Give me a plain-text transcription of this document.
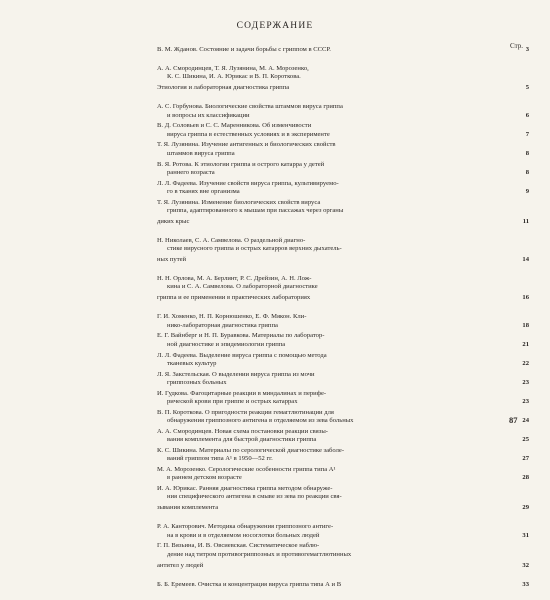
СОДЕРЖАНИЕ
Стр.
В. М. Жданов. Состояние и задачи борьбы с гриппом в СССР.	3
А. А. Смородинцев, Т. Я. Лузянина, М. А. Морозенко,
К. С. Шикина, И. А. Юрикас и В. П. Короткова.
Этиология и лабораторная диагностика гриппа	5
А. С. Горбунова. Биологические свойства штаммов вируса гриппа
и вопросы их классификации	6
В. Д. Соловьев и С. С. Маренникова. Об изменчивости
вируса гриппа в естественных условиях и в эксперименте	7
Т. Я. Лузянина. Изучение антигенных и биологических свойств
штаммов вируса гриппа	8
В. Я. Ротова. К этиологии гриппа и острого катарра у детей
раннего возраста	8
Л. Л. Фадеева. Изучение свойств вируса гриппа, культивируемо-
го в тканях вне организма	9
Т. Я. Лузянина. Изменение биологических свойств вируса
гриппа, адаптированного к мышам при пассажах через органы
диких крыс	11
Н. Николаев, С. А. Самвелова. О раздельной диагно-
стике вирусного гриппа и острых катарров верхних дыхатель-
ных путей	14
Н. Н. Орлова, М. А. Берлинт, Р. С. Дрейзин, А. Н. Лож-
кина и С. А. Самвелова. О лабораторной диагностике
гриппа и ее применении в практических лабораториях	16
Г. И. Хоменко, Н. П. Корнюшенко, Е. Ф. Мякон. Кли-
нико-лабораторная диагностика гриппа	18
Е. Г. Вайнберг и Н. П. Буравкова. Материалы по лаборатор-
ной диагностике и эпидемиологии гриппа	21
Л. Л. Фадеева. Выделение вируса гриппа с помощью метода
тканевых культур	22
Л. Я. Закстельская. О выделении вируса гриппа из мочи
гриппозных больных	23
И. Гудкова. Фагоцитарные реакции в миндалинах и перифе-
рической крови при гриппе и острых катаррах	23
В. П. Короткова. О пригодности реакции гемагглютинации для
обнаружения гриппозного антигена в отделяемом из зева больных	24
А. А. Смородинцев. Новая схема постановки реакции связы-
вания комплемента для быстрой диагностики гриппа	25
К. С. Шикина. Материалы по серологической диагностике заболе-
ваний гриппом типа А¹ в 1950—52 гг.	27
М. А. Морозенко. Серологические особенности гриппа типа А¹
в раннем детском возрасте	28
И. А. Юрикас. Ранняя диагностика гриппа методом обнаруже-
ния специфического антигена в смыве из зева по реакции свя-
зывания комплемента	29
Р. А. Канторович. Методика обнаружения гриппозного антиге-
на в крови и в отделяемом носоглотки больных людей	31
Г. П. Вязьина, И. В. Овсиевская. Систематическое наблю-
дение над титром противогриппозных и противогемагглютинных
антител у людей	32
Б. Б. Еремеев. Очистка и концентрация вируса гриппа типа А и В	33
87
